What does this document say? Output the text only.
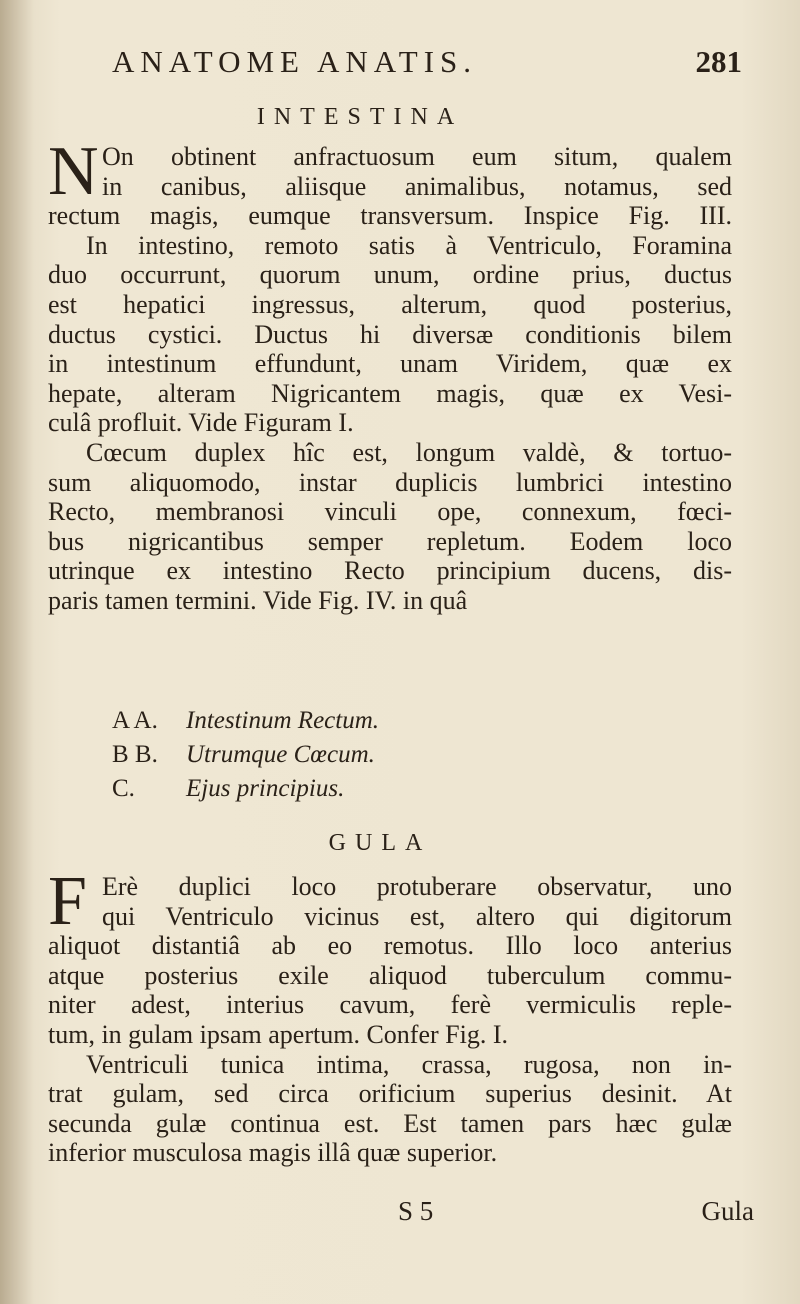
ANATOME ANATIS.	281
INTESTINA
N On obtinent anfractuosum eum situm, qualem
in canibus, aliisque animalibus, notamus, sed
rectum magis, eumque transversum. Inspice Fig. III.
In intestino, remoto satis à Ventriculo, Foramina
duo occurrunt, quorum unum, ordine prius, ductus
est hepatici ingressus, alterum, quod posterius,
ductus cystici. Ductus hi diversæ conditionis bilem
in intestinum effundunt, unam Viridem, quæ ex
hepate, alteram Nigricantem magis, quæ ex Vesi-
culâ profluit. Vide Figuram I.
Cœcum duplex hîc est, longum valdè, & tortuo-
sum aliquomodo, instar duplicis lumbrici intestino
Recto, membranosi vinculi ope, connexum, fœci-
bus nigricantibus semper repletum. Eodem loco
utrinque ex intestino Recto principium ducens, dis-
paris tamen termini. Vide Fig. IV. in quâ
A A. Intestinum Rectum.
B B. Utrumque Cœcum.
C. Ejus principius.
GULA
F Erè duplici loco protuberare observatur, uno
qui Ventriculo vicinus est, altero qui digitorum
aliquot distantiâ ab eo remotus. Illo loco anterius
atque posterius exile aliquod tuberculum commu-
niter adest, interius cavum, ferè vermiculis reple-
tum, in gulam ipsam apertum. Confer Fig. I.
Ventriculi tunica intima, crassa, rugosa, non in-
trat gulam, sed circa orificium superius desinit. At
secunda gulæ continua est. Est tamen pars hæc gulæ
inferior musculosa magis illâ quæ superior.
S 5	Gula
